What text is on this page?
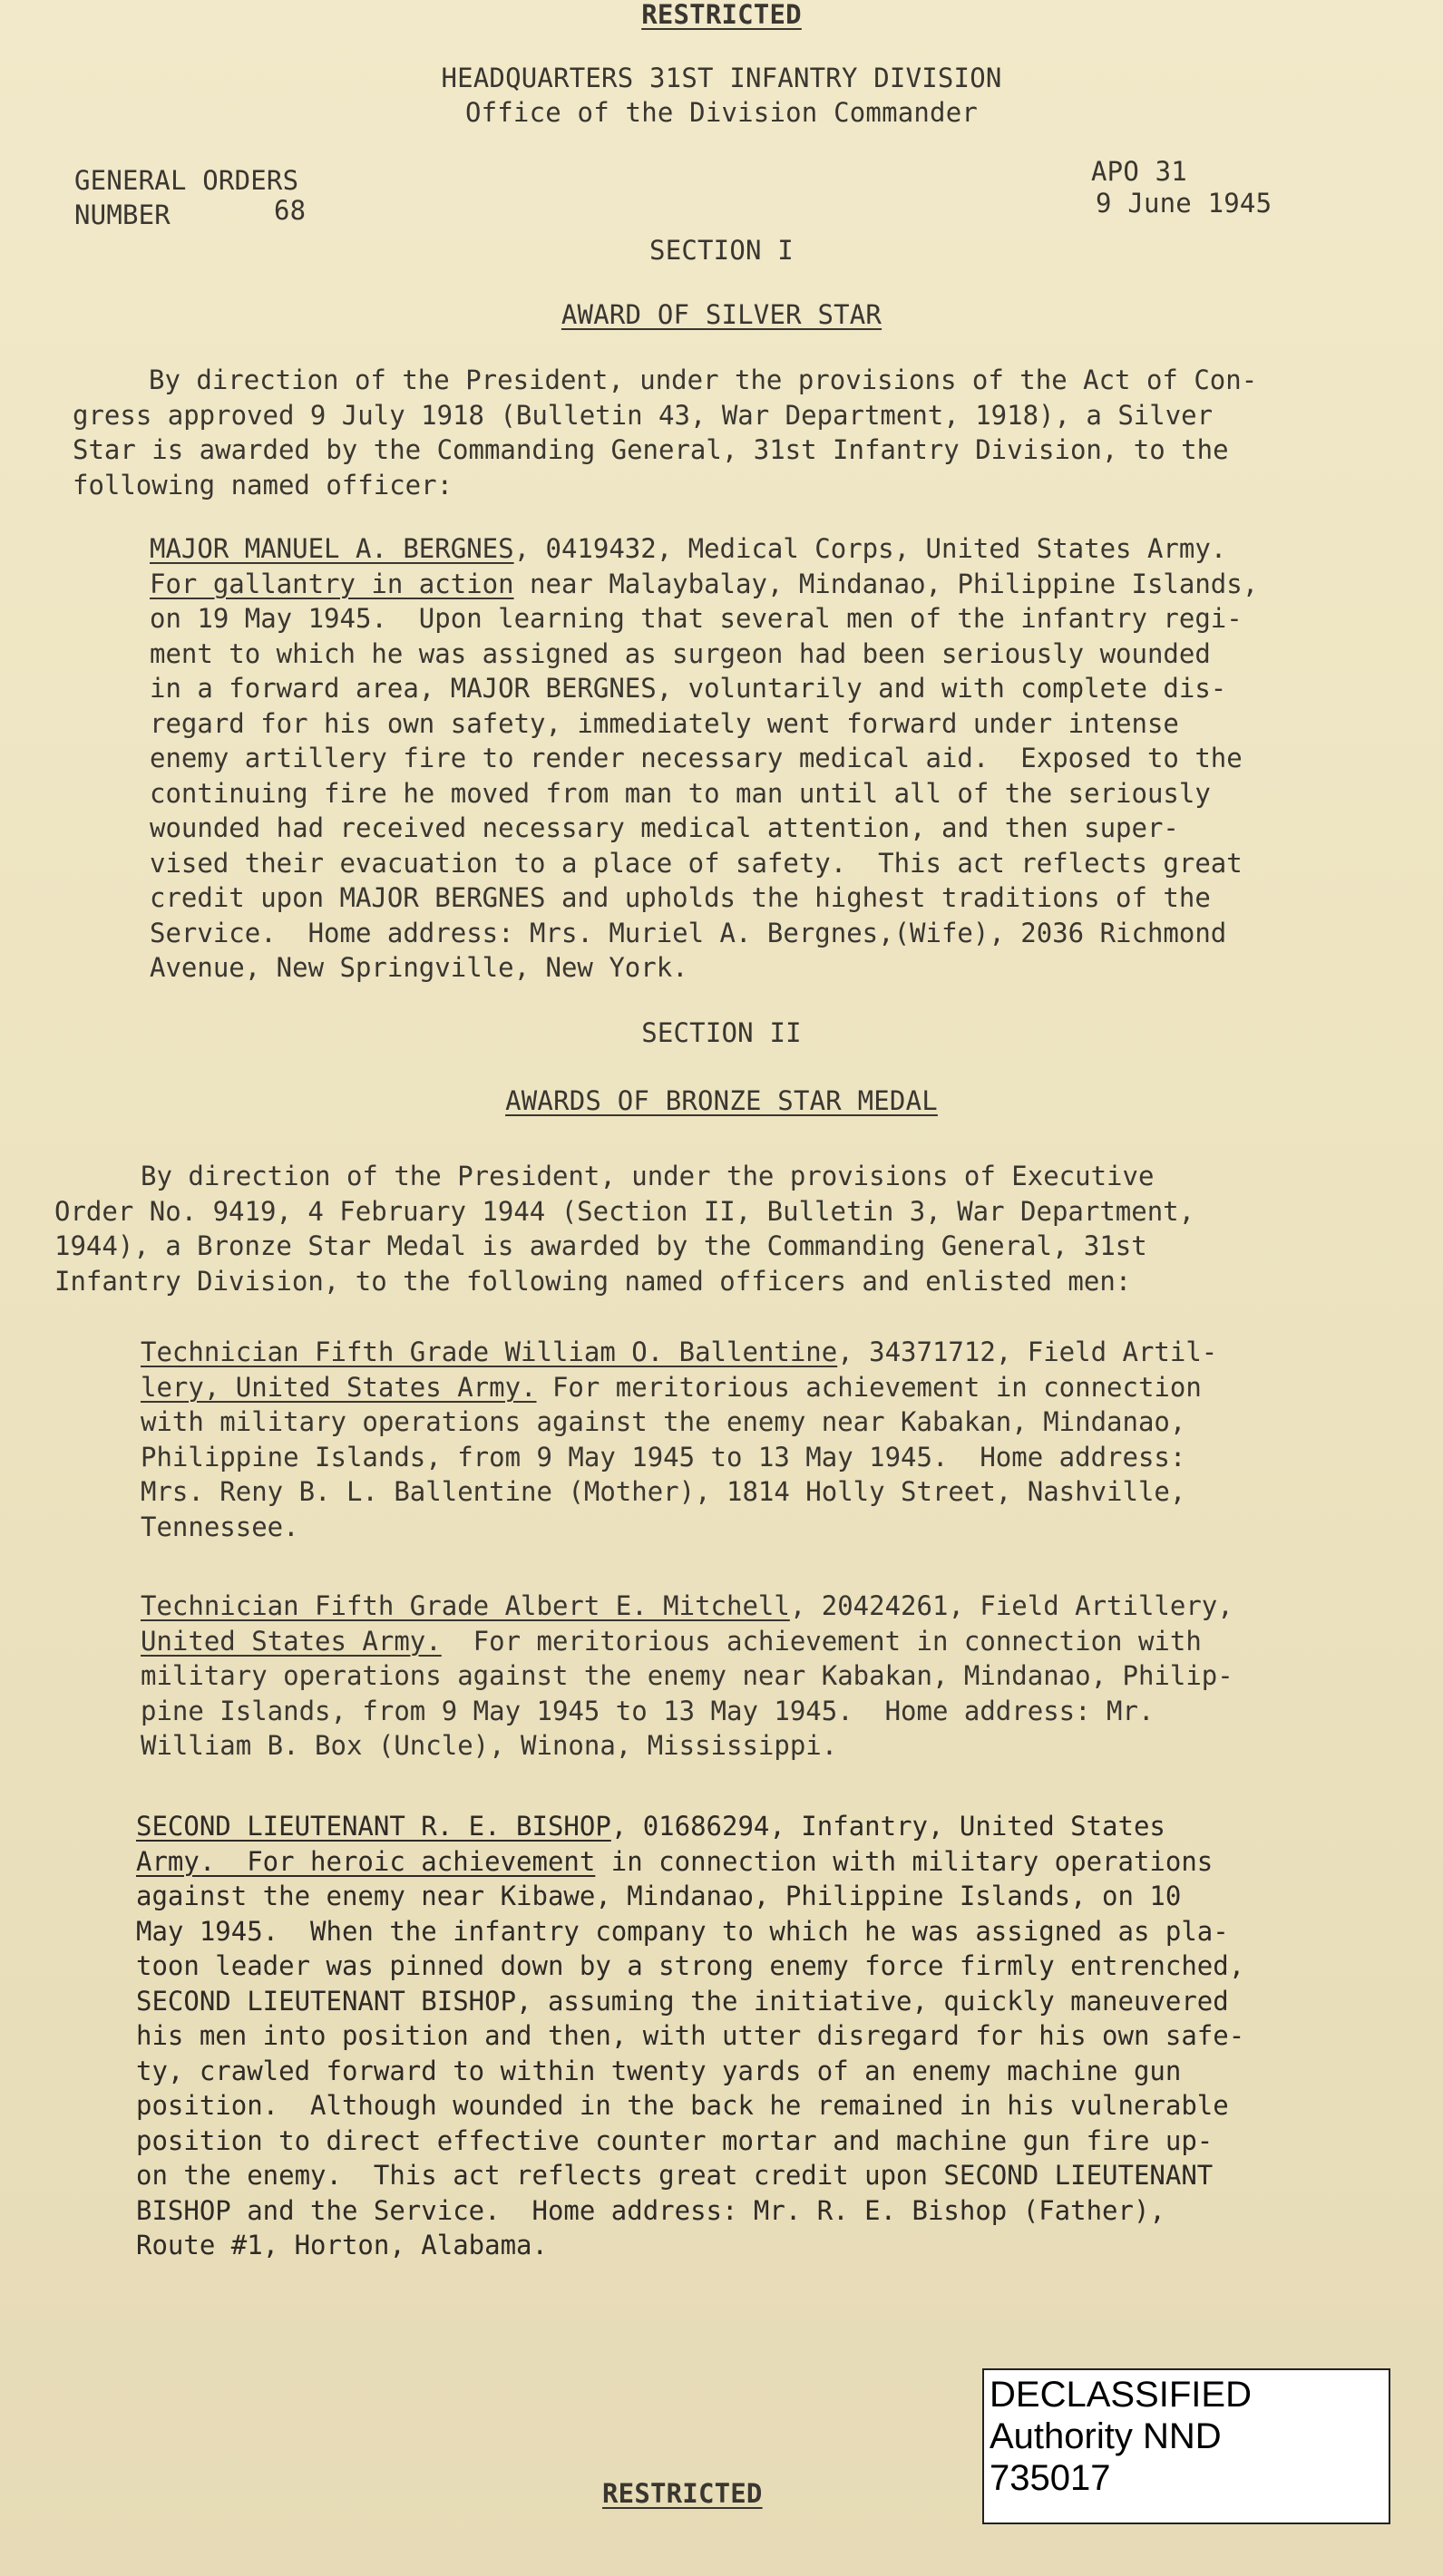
RESTRICTED
HEADQUARTERS 31ST INFANTRY DIVISION
Office of the Division Commander
GENERAL ORDERS
NUMBER	68
APO 31
9 June 1945
SECTION I
AWARD OF SILVER STAR
By direction of the President, under the provisions of the Act of Con-
gress approved 9 July 1918 (Bulletin 43, War Department, 1918), a Silver
Star is awarded by the Commanding General, 31st Infantry Division, to the
following named officer:
MAJOR MANUEL A. BERGNES, 0419432, Medical Corps, United States Army.
For gallantry in action near Malaybalay, Mindanao, Philippine Islands,
on 19 May 1945.  Upon learning that several men of the infantry regi-
ment to which he was assigned as surgeon had been seriously wounded
in a forward area, MAJOR BERGNES, voluntarily and with complete dis-
regard for his own safety, immediately went forward under intense
enemy artillery fire to render necessary medical aid.  Exposed to the
continuing fire he moved from man to man until all of the seriously
wounded had received necessary medical attention, and then super-
vised their evacuation to a place of safety.  This act reflects great
credit upon MAJOR BERGNES and upholds the highest traditions of the
Service.  Home address: Mrs. Muriel A. Bergnes,(Wife), 2036 Richmond
Avenue, New Springville, New York.
SECTION II
AWARDS OF BRONZE STAR MEDAL
By direction of the President, under the provisions of Executive
Order No. 9419, 4 February 1944 (Section II, Bulletin 3, War Department,
1944), a Bronze Star Medal is awarded by the Commanding General, 31st
Infantry Division, to the following named officers and enlisted men:
Technician Fifth Grade William O. Ballentine, 34371712, Field Artil-
lery, United States Army. For meritorious achievement in connection
with military operations against the enemy near Kabakan, Mindanao,
Philippine Islands, from 9 May 1945 to 13 May 1945.  Home address:
Mrs. Reny B. L. Ballentine (Mother), 1814 Holly Street, Nashville,
Tennessee.
Technician Fifth Grade Albert E. Mitchell, 20424261, Field Artillery,
United States Army.  For meritorious achievement in connection with
military operations against the enemy near Kabakan, Mindanao, Philip-
pine Islands, from 9 May 1945 to 13 May 1945.  Home address: Mr.
William B. Box (Uncle), Winona, Mississippi.
SECOND LIEUTENANT R. E. BISHOP, 01686294, Infantry, United States
Army.  For heroic achievement in connection with military operations
against the enemy near Kibawe, Mindanao, Philippine Islands, on 10
May 1945.  When the infantry company to which he was assigned as pla-
toon leader was pinned down by a strong enemy force firmly entrenched,
SECOND LIEUTENANT BISHOP, assuming the initiative, quickly maneuvered
his men into position and then, with utter disregard for his own safe-
ty, crawled forward to within twenty yards of an enemy machine gun
position.  Although wounded in the back he remained in his vulnerable
position to direct effective counter mortar and machine gun fire up-
on the enemy.  This act reflects great credit upon SECOND LIEUTENANT
BISHOP and the Service.  Home address: Mr. R. E. Bishop (Father),
Route #1, Horton, Alabama.
DECLASSIFIED
Authority NND
735017
RESTRICTED
